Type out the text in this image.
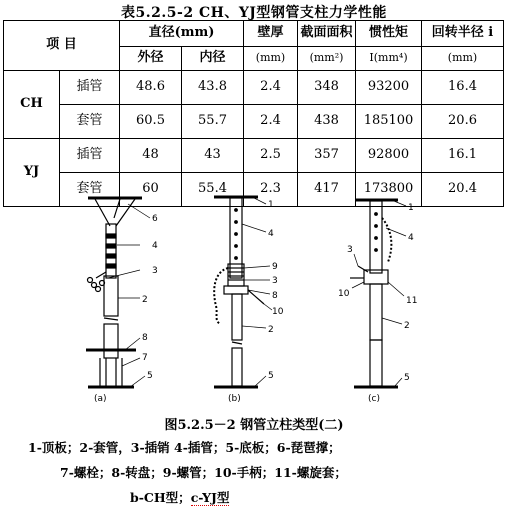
表5.2.5-2 CH、YJ型钢管支柱力学性能
项 目		直径(mm)		壁厚	截面面积	惯性矩	回转半径 i
		外径	内径	(mm)	(mm²)	I(mm⁴)	(mm)
CH	插管	48.6	43.8	2.4	348	93200	16.4
	套管	60.5	55.7	2.4	438	185100	20.6
YJ	插管	48	43	2.5	357	92800	16.1
	套管	60	55.4	2.3	417	173800	20.4
6
4
3
2
8
7
5
(a)
1
4
9
3
8
10
2
5
(b)
1
4
3
10
11
2
5
(c)
图5.2.5－2 钢管立柱类型(二)
1-顶板；2-套管，3-插销 4-插管；5-底板；6-琵琶撑；
7-螺栓；8-转盘；9-螺管；10-手柄；11-螺旋套；
b-CH型；c-YJ型
